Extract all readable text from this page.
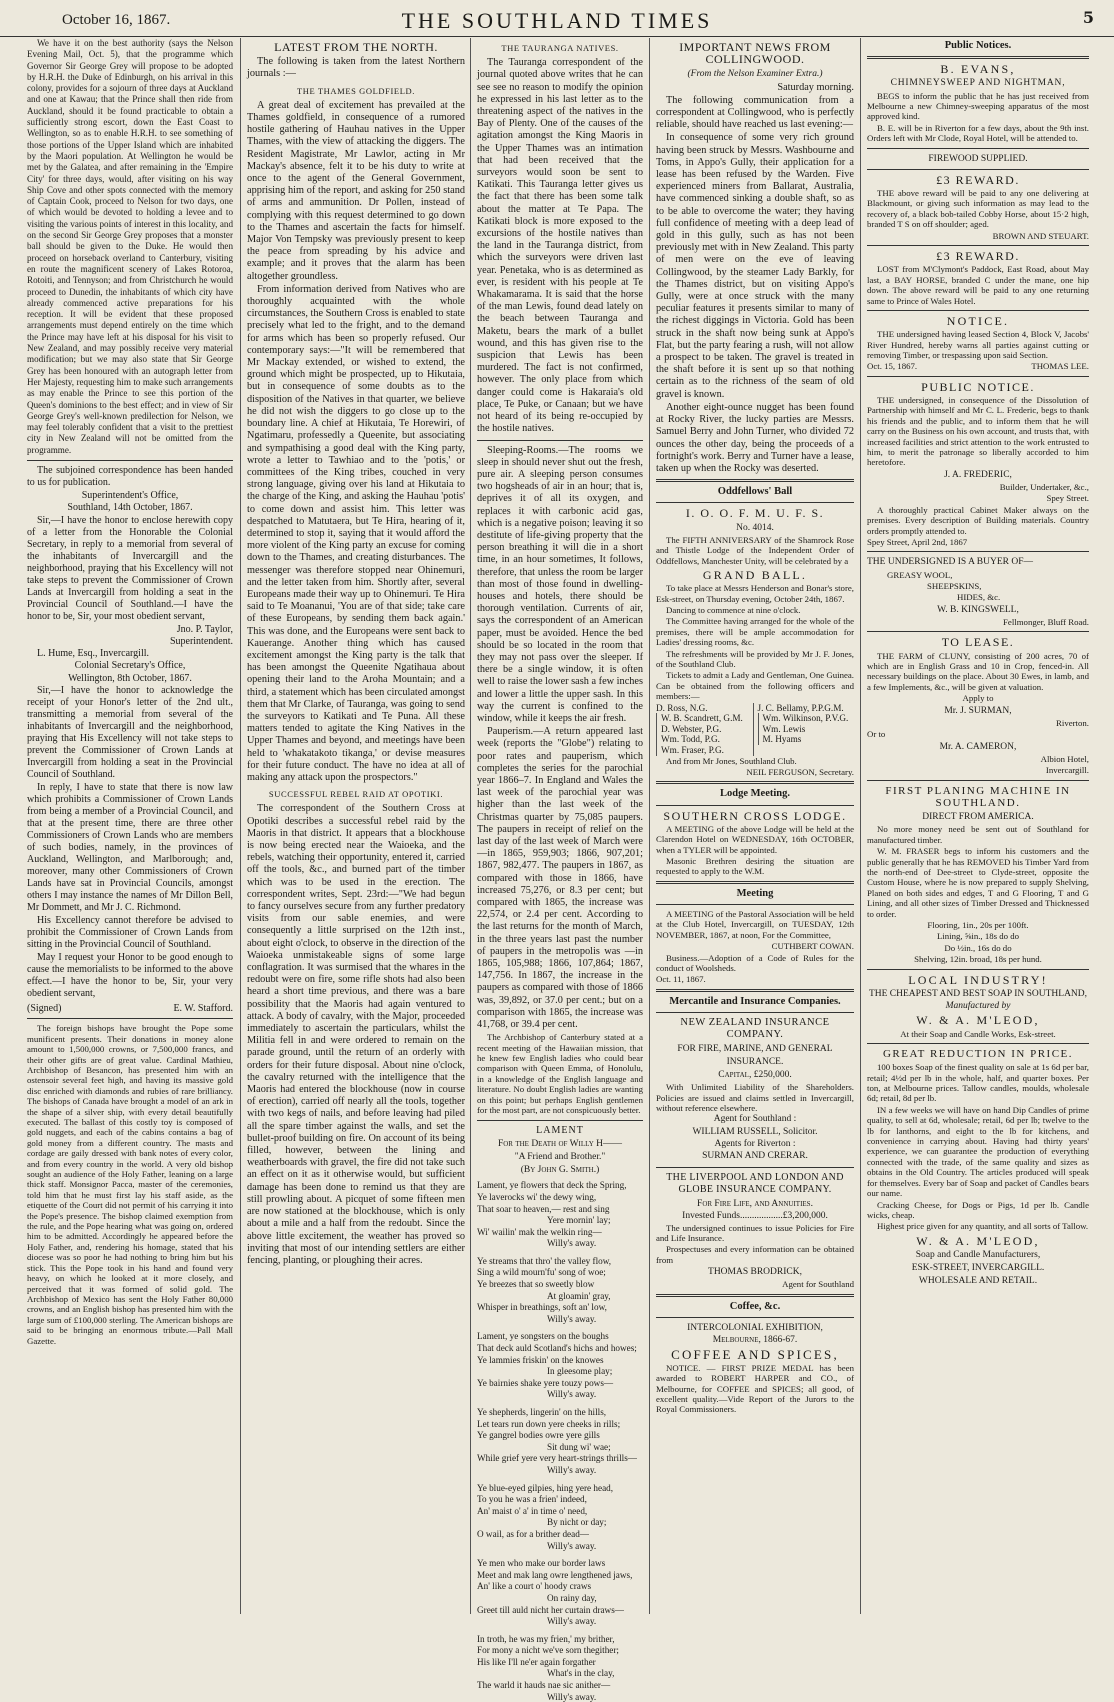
October 16, 1867.	THE SOUTHLAND TIMES	5

We have it on the best authority (says the Nelson Evening Mail, Oct. 5), that the programme which Governor Sir George Grey will propose to be adopted by H.R.H. the Duke of Edinburgh, on his arrival in this colony, provides for a sojourn of three days at Auckland and one at Kawau; that the Prince shall then ride from Auckland, should it be found practicable to obtain a sufficiently strong escort, down the East Coast to Wellington, so as to enable H.R.H. to see something of those portions of the Upper Island which are inhabited by the Maori population. At Wellington he would be met by the Galatea, and after remaining in the 'Empire City' for three days, would, after visiting on his way Ship Cove and other spots connected with the memory of Captain Cook, proceed to Nelson for two days, one of which would be devoted to holding a levee and to visiting the various points of interest in this locality, and on the second Sir George Grey proposes that a monster ball should be given to the Duke. He would then proceed on horseback overland to Canterbury, visiting en route the magnificent scenery of Lakes Rotoroa, Rotoiti, and Tennyson; and from Christchurch he would proceed to Dunedin, the inhabitants of which city have already commenced active preparations for his reception. It will be evident that these proposed arrangements must depend entirely on the time which the Prince may have left at his disposal for his visit to New Zealand, and may possibly receive very material modification; but we may also state that Sir George Grey has been honoured with an autograph letter from Her Majesty, requesting him to make such arrangements as may enable the Prince to see this portion of the Queen's dominions to the best effect; and in view of Sir George Grey's well-known predilection for Nelson, we may feel tolerably confident that a visit to the prettiest city in New Zealand will not be omitted from the programme.

The subjoined correspondence has been handed to us for publication.

Superintendent's Office,

Southland, 14th October, 1867.

Sir,—I have the honor to enclose herewith copy of a letter from the Honorable the Colonial Secretary, in reply to a memorial from several of the inhabitants of Invercargill and the neighborhood, praying that his Excellency will not take steps to prevent the Commissioner of Crown Lands at Invercargill from holding a seat in the Provincial Council of Southland.—I have the honor to be, Sir, your most obedient servant,

Jno. P. Taylor,

Superintendent.

L. Hume, Esq., Invercargill.

Colonial Secretary's Office,

Wellington, 8th October, 1867.

Sir,—I have the honor to acknowledge the receipt of your Honor's letter of the 2nd ult., transmitting a memorial from several of the inhabitants of Invercargill and the neighborhood, praying that His Excellency will not take steps to prevent the Commissioner of Crown Lands at Invercargill from holding a seat in the Provincial Council of Southland.

In reply, I have to state that there is now law which prohibits a Commissioner of Crown Lands from being a member of a Provincial Council, and that at the present time, there are three other Commissioners of Crown Lands who are members of such bodies, namely, in the provinces of Auckland, Wellington, and Marlborough; and, moreover, many other Commissioners of Crown Lands have sat in Provincial Councils, amongst others I may instance the names of Mr Dillon Bell, Mr Dommett, and Mr J. C. Richmond.

His Excellency cannot therefore be advised to prohibit the Commissioner of Crown Lands from sitting in the Provincial Council of Southland.

May I request your Honor to be good enough to cause the memorialists to be informed to the above effect.—I have the honor to be, Sir, your very obedient servant,

(Signed)	E. W. Stafford.

The foreign bishops have brought the Pope some munificent presents. Their donations in money alone amount to 1,500,000 crowns, or 7,500,000 francs, and their other gifts are of great value. Cardinal Mathieu, Archbishop of Besancon, has presented him with an ostensoir several feet high, and having its massive gold disc enriched with diamonds and rubies of rare brilliancy. The bishops of Canada have brought a model of an ark in the shape of a silver ship, with every detail beautifully executed. The ballast of this costly toy is composed of gold nuggets, and each of the cabins contains a bag of gold money from a different country. The masts and cordage are gaily dressed with bank notes of every color, and from every country in the world. A very old bishop sought an audience of the Holy Father, leaning on a large thick staff. Monsignor Pacca, master of the ceremonies, told him that he must first lay his staff aside, as the etiquette of the Court did not permit of his carrying it into the Pope's presence. The bishop claimed exemption from the rule, and the Pope hearing what was going on, ordered him to be admitted. Accordingly he appeared before the Holy Father, and, rendering his homage, stated that his diocese was so poor he had nothing to bring him but his stick. This the Pope took in his hand and found very heavy, on which he looked at it more closely, and perceived that it was formed of solid gold. The Archbishop of Mexico has sent the Holy Father 80,000 crowns, and an English bishop has presented him with the large sum of £100,000 sterling. The American bishops are said to be bringing an enormous tribute.—Pall Mall Gazette.

LATEST FROM THE NORTH.

The following is taken from the latest Northern journals :—

THE THAMES GOLDFIELD.

A great deal of excitement has prevailed at the Thames goldfield, in consequence of a rumored hostile gathering of Hauhau natives in the Upper Thames, with the view of attacking the diggers. The Resident Magistrate, Mr Lawlor, acting in Mr Mackay's absence, felt it to be his duty to write at once to the agent of the General Government, apprising him of the report, and asking for 250 stand of arms and ammunition. Dr Pollen, instead of complying with this request determined to go down to the Thames and ascertain the facts for himself. Major Von Tempsky was previously present to keep the peace from spreading by his advice and example; and it proves that the alarm has been altogether groundless.

From information derived from Natives who are thoroughly acquainted with the whole circumstances, the Southern Cross is enabled to state precisely what led to the fright, and to the demand for arms which has been so properly refused. Our contemporary says:—"It will be remembered that Mr Mackay extended, or wished to extend, the ground which might be prospected, up to Hikutaia, but in consequence of some doubts as to the disposition of the Natives in that quarter, we believe he did not wish the diggers to go close up to the boundary line. A chief at Hikutaia, Te Horewiri, of Ngatimaru, professedly a Queenite, but associating and sympathising a good deal with the King party, wrote a letter to Tawhiao and to the 'potis,' or committees of the King tribes, couched in very strong language, giving over his land at Hikutaia to the charge of the King, and asking the Hauhau 'potis' to come down and assist him. This letter was despatched to Matutaera, but Te Hira, hearing of it, determined to stop it, saying that it would afford the more violent of the King party an excuse for coming down to the Thames, and creating disturbances. The messenger was therefore stopped near Ohinemuri, and the letter taken from him. Shortly after, several Europeans made their way up to Ohinemuri. Te Hira said to Te Moananui, 'You are of that side; take care of these Europeans, by sending them back again.' This was done, and the Europeans were sent back to Kauerange. Another thing which has caused excitement amongst the King party is the talk that has been amongst the Queenite Ngatihaua about opening their land to the Aroha Mountain; and a third, a statement which has been circulated amongst them that Mr Clarke, of Tauranga, was going to send the surveyors to Katikati and Te Puna. All these matters tended to agitate the King Natives in the Upper Thames and beyond, and meetings have been held to 'whakatakoto tikanga,' or devise measures for their future conduct. The have no idea at all of making any attack upon the prospectors."

SUCCESSFUL REBEL RAID AT OPOTIKI.

The correspondent of the Southern Cross at Opotiki describes a successful rebel raid by the Maoris in that district. It appears that a blockhouse is now being erected near the Waioeka, and the rebels, watching their opportunity, entered it, carried off the tools, &c., and burned part of the timber which was to be used in the erection. The correspondent writes, Sept. 23rd:—"We had begun to fancy ourselves secure from any further predatory visits from our sable enemies, and were consequently a little surprised on the 12th inst., about eight o'clock, to observe in the direction of the Waioeka unmistakeable signs of some large conflagration. It was surmised that the whares in the redoubt were on fire, some rifle shots had also been heard a short time previous, and there was a bare possibility that the Maoris had again ventured to attack. A body of cavalry, with the Major, proceeded immediately to ascertain the particulars, whilst the Militia fell in and were ordered to remain on the parade ground, until the return of an orderly with orders for their future disposal. About nine o'clock, the cavalry returned with the intelligence that the Maoris had entered the blockhouse (now in course of erection), carried off nearly all the tools, together with two kegs of nails, and before leaving had piled all the spare timber against the walls, and set the bullet-proof building on fire. On account of its being filled, however, between the lining and weatherboards with gravel, the fire did not take such an effect on it as it otherwise would, but sufficient damage has been done to remind us that they are still prowling about. A picquet of some fifteen men are now stationed at the blockhouse, which is only about a mile and a half from the redoubt. Since the above little excitement, the weather has proved so inviting that most of our intending settlers are either fencing, planting, or ploughing their acres.

THE TAURANGA NATIVES.

The Tauranga correspondent of the journal quoted above writes that he can see see no reason to modify the opinion he expressed in his last letter as to the threatening aspect of the natives in the Bay of Plenty. One of the causes of the agitation amongst the King Maoris in the Upper Thames was an intimation that had been received that the surveyors would soon be sent to Katikati. This Tauranga letter gives us the fact that there has been some talk about the matter at Te Papa. The Katikati block is more exposed to the excursions of the hostile natives than the land in the Tauranga district, from which the surveyors were driven last year. Penetaka, who is as determined as ever, is resident with his people at Te Whakamarama. It is said that the horse of the man Lewis, found dead lately on the beach between Tauranga and Maketu, bears the mark of a bullet wound, and this has given rise to the suspicion that Lewis has been murdered. The fact is not confirmed, however. The only place from which danger could come is Hakaraia's old place, Te Puke, or Canaan; but we have not heard of its being re-occupied by the hostile natives.

Sleeping-Rooms.—The rooms we sleep in should never shut out the fresh, pure air. A sleeping person consumes two hogsheads of air in an hour; that is, deprives it of all its oxygen, and replaces it with carbonic acid gas, which is a negative poison; leaving it so destitute of life-giving property that the person breathing it will die in a short time, in an hour sometimes, It follows, therefore, that unless the room be larger than most of those found in dwelling-houses and hotels, there should be thorough ventilation. Currents of air, says the correspondent of an American paper, must be avoided. Hence the bed should be so located in the room that they may not pass over the sleeper. If there be a single window, it is often well to raise the lower sash a few inches and lower a little the upper sash. In this way the current is confined to the window, while it keeps the air fresh.

Pauperism.—A return appeared last week (reports the "Globe") relating to poor rates and pauperism, which completes the series for the parochial year 1866–7. In England and Wales the last week of the parochial year was higher than the last week of the Christmas quarter by 75,085 paupers. The paupers in receipt of relief on the last day of the last week of March were—in 1865, 959,903; 1866, 907,201; 1867, 982,477. The paupers in 1867, as compared with those in 1866, have increased 75,276, or 8.3 per cent; but compared with 1865, the increase was 22,574, or 2.4 per cent. According to the last returns for the month of March, in the three years last past the number of paupers in the metropolis was —in 1865, 105,988; 1866, 107,864; 1867, 147,756. In 1867, the increase in the paupers as compared with those of 1866 was, 39,892, or 37.0 per cent.; but on a comparison with 1865, the increase was 41,768, or 39.4 per cent.

The Archbishop of Canterbury stated at a recent meeting of the Hawaiian mission, that he knew few English ladies who could bear comparison with Queen Emma, of Honolulu, in a knowledge of the English language and literature. No doubt English ladies are wanting on this point; but perhaps English gentlemen for the most part, are not conspicuously better.

LAMENT

For the Death of Willy H——

"A Friend and Brother."

(By John G. Smith.)

Lament, ye flowers that deck the Spring,

Ye laverocks wi' the dewy wing,

That soar to heaven,— rest and sing

Yere mornin' lay;

Wi' wailin' mak the welkin ring—

Willy's away.

Ye streams that thro' the valley flow,

Sing a wild mourn'fu' song of woe;

Ye breezes that so sweetly blow

At gloamin' gray,

Whisper in breathings, soft an' low,

Willy's away.

Lament, ye songsters on the boughs

That deck auld Scotland's hichs and howes;

Ye lammies friskin' on the knowes

In gleesome play;

Ye bairnies shake yere touzy pows—

Willy's away.

Ye shepherds, lingerin' on the hills,

Let tears run down yere cheeks in rills;

Ye gangrel bodies owre yere gills

Sit dung wi' wae;

While grief yere very heart-strings thrills—

Willy's away.

Ye blue-eyed gilpies, hing yere head,

To you he was a frien' indeed,

An' maist o' a' in time o' need,

By nicht or day;

O wail, as for a brither dead—

Willy's away.

Ye men who make our border laws

Meet and mak lang owre lengthened jaws,

An' like a court o' hoody craws

On rainy day,

Greet till auld nicht her curtain draws—

Willy's away.

In troth, he was my frien,' my brither,

For mony a nicht we've sorn thegither;

His like I'll ne'er again forgather

What's in the clay,

The warld it hauds nae sic anither—

Willy's away.

IMPORTANT NEWS FROM COLLINGWOOD.

(From the Nelson Examiner Extra.)

Saturday morning.

The following communication from a correspondent at Collingwood, who is perfectly reliable, should have reached us last evening:—

In consequence of some very rich ground having been struck by Messrs. Washbourne and Toms, in Appo's Gully, their application for a lease has been refused by the Warden. Five experienced miners from Ballarat, Australia, have commenced sinking a double shaft, so as to be able to overcome the water; they having full confidence of meeting with a deep lead of gold in this gully, such as has not been previously met with in New Zealand. This party of men were on the eve of leaving Collingwood, by the steamer Lady Barkly, for the Thames district, but on visiting Appo's Gully, were at once struck with the many peculiar features it presents similar to many of the richest diggings in Victoria. Gold has been struck in the shaft now being sunk at Appo's Flat, but the party fearing a rush, will not allow a prospect to be taken. The gravel is treated in the shaft before it is sent up so that nothing certain as to the richness of the seam of old gravel is known.

Another eight-ounce nugget has been found at Rocky River, the lucky parties are Messrs. Samuel Berry and John Turner, who divided 72 ounces the other day, being the proceeds of a fortnight's work. Berry and Turner have a lease, taken up when the Rocky was deserted.

Oddfellows' Ball

I. O. O. F. M. U. F. S.

No. 4014.

The FIFTH ANNIVERSARY of the Shamrock Rose and Thistle Lodge of the Independent Order of Oddfellows, Manchester Unity, will be celebrated by a

GRAND BALL.

To take place at Messrs Henderson and Bonar's store, Esk-street, on Thursday evening, October 24th, 1867.

Dancing to commence at nine o'clock.

The Committee having arranged for the whole of the premises, there will be ample accommodation for Ladies' dressing rooms, &c.

The refreshments will be provided by Mr J. F. Jones, of the Southland Club.

Tickets to admit a Lady and Gentleman, One Guinea. Can be obtained from the following officers and members:—

D. Ross, N.G.
W. B. Scandrett, G.M.
D. Webster, P.G.
Wm. Todd, P.G.
Wm. Fraser, P.G.
J. C. Bellamy, P.P.G.M.
Wm. Wilkinson, P.V.G.
Wm. Lewis
M. Hyams

And from Mr Jones, Southland Club.

NEIL FERGUSON, Secretary.

Lodge Meeting.

SOUTHERN CROSS LODGE.

A MEETING of the above Lodge will be held at the Clarendon Hotel on WEDNESDAY, 16th OCTOBER, when a TYLER will be appointed.

Masonic Brethren desiring the situation are requested to apply to the W.M.

Meeting

A MEETING of the Pastoral Association will be held at the Club Hotel, Invercargill, on TUESDAY, 12th NOVEMBER, 1867, at noon, For the Committee,

CUTHBERT COWAN.

Business.—Adoption of a Code of Rules for the conduct of Woolsheds.

Oct. 11, 1867.

Mercantile and Insurance Companies.

NEW ZEALAND INSURANCE COMPANY.

FOR FIRE, MARINE, AND GENERAL INSURANCE.

Capital, £250,000.

With Unlimited Liability of the Shareholders. Policies are issued and claims settled in Invercargill, without reference elsewhere.

Agent for Southland :

WILLIAM RUSSELL, Solicitor.

Agents for Riverton :

SURMAN AND CRERAR.

THE LIVERPOOL AND LONDON AND GLOBE INSURANCE COMPANY.

For Fire Life, and Annuities.

Invested Funds..................£3,200,000.

The undersigned continues to issue Policies for Fire and Life Insurance.

Prospectuses and every information can be obtained from

THOMAS BRODRICK,

Agent for Southland

Coffee, &c.

INTERCOLONIAL EXHIBITION,

Melbourne, 1866-67.

COFFEE AND SPICES,

NOTICE. — FIRST PRIZE MEDAL has been awarded to ROBERT HARPER and CO., of Melbourne, for COFFEE and SPICES; all good, of excellent quality.—Vide Report of the Jurors to the Royal Commissioners.

Public Notices.

B. EVANS,

CHIMNEYSWEEP AND NIGHTMAN,

BEGS to inform the public that he has just received from Melbourne a new Chimney-sweeping apparatus of the most approved kind.

B. E. will be in Riverton for a few days, about the 9th inst. Orders left with Mr Clode, Royal Hotel, will be attended to.

FIREWOOD SUPPLIED.

£3 REWARD.

THE above reward will be paid to any one delivering at Blackmount, or giving such information as may lead to the recovery of, a black bob-tailed Cobby Horse, about 15·2 high, branded T S on off shoulder; aged.

BROWN AND STEUART.

£3 REWARD.

LOST from M'Clymont's Paddock, East Road, about May last, a BAY HORSE, branded C under the mane, one hip down. The above reward will be paid to any one returning same to Prince of Wales Hotel.

NOTICE.

THE undersigned having leased Section 4, Block V, Jacobs' River Hundred, hereby warns all parties against cutting or removing Timber, or trespassing upon said Section.

Oct. 15, 1867.	THOMAS LEE.

PUBLIC NOTICE.

THE undersigned, in consequence of the Dissolution of Partnership with himself and Mr C. L. Frederic, begs to thank his friends and the public, and to inform them that he will carry on the Business on his own account, and trusts that, with increased facilities and strict attention to the work entrusted to him, to merit the patronage so liberally accorded to him heretofore.

J. A. FREDERIC,

Builder, Undertaker, &c.,

Spey Street.

A thoroughly practical Cabinet Maker always on the premises. Every description of Building materials. Country orders promptly attended to.

Spey Street, April 2nd, 1867

THE UNDERSIGNED IS A BUYER OF—

GREASY WOOL,

SHEEPSKINS,

HIDES, &c.

W. B. KINGSWELL,

Fellmonger, Bluff Road.

TO LEASE.

THE FARM of CLUNY, consisting of 200 acres, 70 of which are in English Grass and 10 in Crop, fenced-in. All necessary buildings on the place. About 30 Ewes, in lamb, and a few Implements, &c., will be given at valuation.

Apply to

Mr. J. SURMAN,

Riverton.

Or to

Mr. A. CAMERON,

Albion Hotel,

Invercargill.

FIRST PLANING MACHINE IN SOUTHLAND.

DIRECT FROM AMERICA.

No more money need be sent out of Southland for manufactured timber.

W. M. FRASER begs to inform his customers and the public generally that he has REMOVED his Timber Yard from the north-end of Dee-street to Clyde-street, opposite the Custom House, where he is now prepared to supply Shelving, Planed on both sides and edges, T and G Flooring, T and G Lining, and all other sizes of Timber Dressed and Thicknessed to order.

Flooring, 1in., 20s per 100ft.

Lining, ⅝in., 18s do do

Do ½in., 16s do do

Shelving, 12in. broad, 18s per hund.

LOCAL INDUSTRY!

THE CHEAPEST AND BEST SOAP IN SOUTHLAND,

Manufactured by

W. & A. M'LEOD,

At their Soap and Candle Works, Esk-street.

GREAT REDUCTION IN PRICE.

100 boxes Soap of the finest quality on sale at 1s 6d per bar, retail; 4½d per lb in the whole, half, and quarter boxes. Per ton, at Melbourne prices. Tallow candles, moulds, wholesale 6d; retail, 8d per lb.

IN a few weeks we will have on hand Dip Candles of prime quality, to sell at 6d, wholesale; retail, 6d per lb; twelve to the lb for lanthorns, and eight to the lb for kitchens, and convenience in carrying about. Having had thirty years' experience, we can guarantee the production of everything connected with the trade, of the same quality and sizes as obtains in the Old Country. The articles produced will speak for themselves. Every bar of Soap and packet of Candles bears our name.

Cracking Cheese, for Dogs or Pigs, 1d per lb. Candle wicks, cheap.

Highest price given for any quantity, and all sorts of Tallow.

W. & A. M'LEOD,

Soap and Candle Manufacturers,

ESK-STREET, INVERCARGILL.

WHOLESALE AND RETAIL.
